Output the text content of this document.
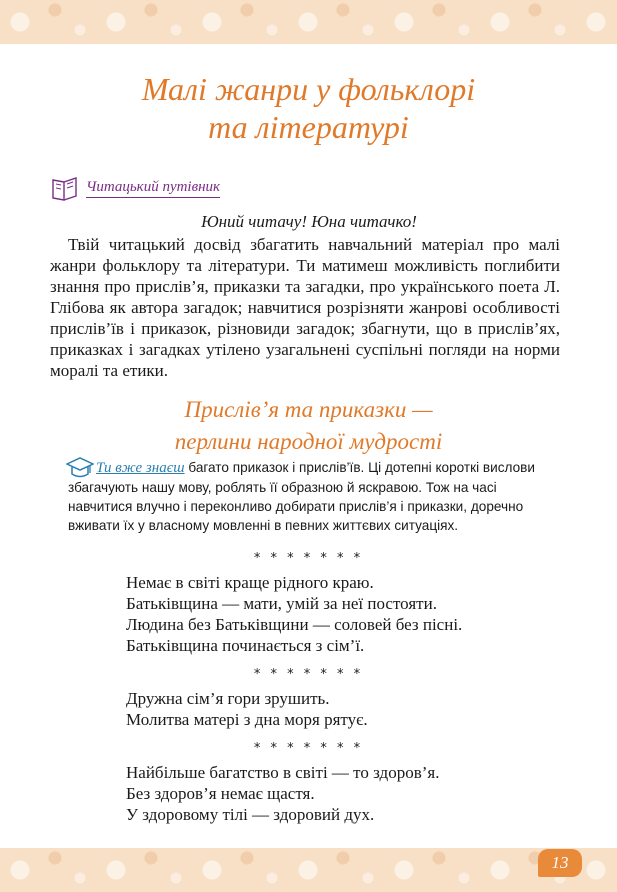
Малі жанри у фольклорі
та літературі
Читацький путівник
Юний читачу! Юна читачко!

Твій читацький досвід збагатить навчальний матеріал про малі жанри фольклору та літератури. Ти матимеш можливість поглибити знання про прислів’я, приказки та загадки, про українського поета Л. Глібова як автора загадок; навчитися розрізняти жанрові особливості прислів’їв і приказок, різновиди загадок; збагнути, що в прислів’ях, приказках і загадках утілено узагальнені суспільні погляди на норми моралі та етики.

Прислів’я та приказки —
перлини народної мудрості

Ти вже знаєш багато приказок і прислів’їв. Ці дотепні короткі вислови збагачують нашу мову, роблять її образною й яскравою. Тож на часі навчитися влучно і переконливо добирати прислів’я і приказки, доречно вживати їх у власному мовленні в певних життєвих ситуаціях.

* * * * * * *
Немає в світі краще рідного краю.
Батьківщина — мати, умій за неї постояти.
Людина без Батьківщини — соловей без пісні.
Батьківщина починається з сім’ї.
* * * * * * *
Дружна сім’я гори зрушить.
Молитва матері з дна моря рятує.
* * * * * * *
Найбільше багатство в світі — то здоров’я.
Без здоров’я немає щастя.
У здоровому тілі — здоровий дух.
13
